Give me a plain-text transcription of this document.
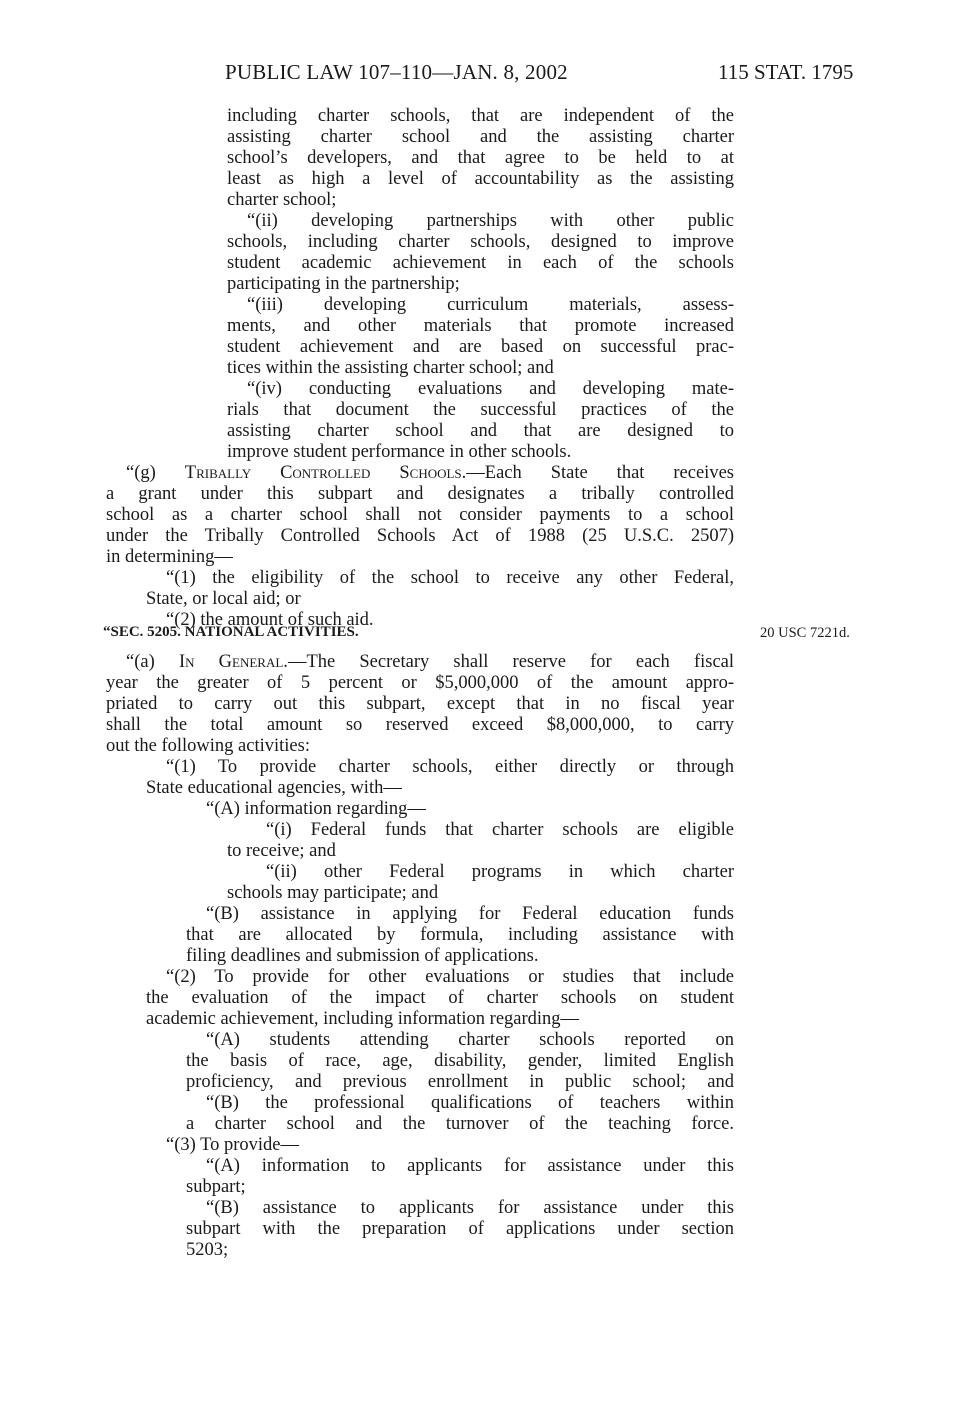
PUBLIC LAW 107–110—JAN. 8, 2002	115 STAT. 1795
including charter schools, that are independent of the
assisting charter school and the assisting charter
school’s developers, and that agree to be held to at
least as high a level of accountability as the assisting
charter school;
“(ii) developing partnerships with other public
schools, including charter schools, designed to improve
student academic achievement in each of the schools
participating in the partnership;
“(iii) developing curriculum materials, assess-
ments, and other materials that promote increased
student achievement and are based on successful prac-
tices within the assisting charter school; and
“(iv) conducting evaluations and developing mate-
rials that document the successful practices of the
assisting charter school and that are designed to
improve student performance in other schools.
“(g) Tribally Controlled Schools.—Each State that receives
a grant under this subpart and designates a tribally controlled
school as a charter school shall not consider payments to a school
under the Tribally Controlled Schools Act of 1988 (25 U.S.C. 2507)
in determining—
“(1) the eligibility of the school to receive any other Federal,
State, or local aid; or
“(2) the amount of such aid.
“(a) In General.—The Secretary shall reserve for each fiscal
year the greater of 5 percent or $5,000,000 of the amount appro-
priated to carry out this subpart, except that in no fiscal year
shall the total amount so reserved exceed $8,000,000, to carry
out the following activities:
“(1) To provide charter schools, either directly or through
State educational agencies, with—
“(A) information regarding—
“(i) Federal funds that charter schools are eligible
to receive; and
“(ii) other Federal programs in which charter
schools may participate; and
“(B) assistance in applying for Federal education funds
that are allocated by formula, including assistance with
filing deadlines and submission of applications.
“(2) To provide for other evaluations or studies that include
the evaluation of the impact of charter schools on student
academic achievement, including information regarding—
“(A) students attending charter schools reported on
the basis of race, age, disability, gender, limited English
proficiency, and previous enrollment in public school; and
“(B) the professional qualifications of teachers within
a charter school and the turnover of the teaching force.
“(3) To provide—
“(A) information to applicants for assistance under this
subpart;
“(B) assistance to applicants for assistance under this
subpart with the preparation of applications under section
5203;
“SEC. 5205. NATIONAL ACTIVITIES.	20 USC 7221d.
